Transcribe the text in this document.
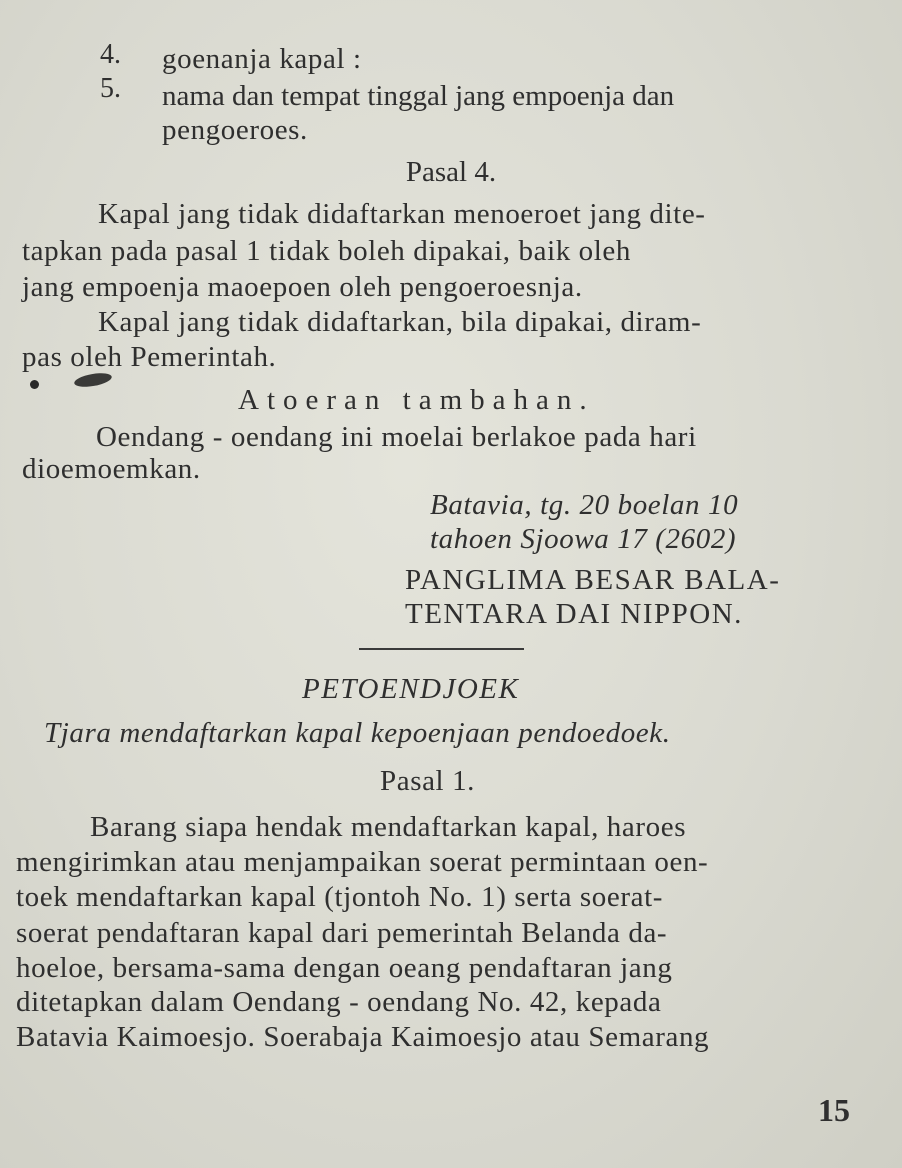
4. goenanja kapal :
5. nama dan tempat tinggal jang empoenja dan
pengoeroes.
Pasal 4.
Kapal jang tidak didaftarkan menoeroet jang dite-
tapkan pada pasal 1 tidak boleh dipakai, baik oleh
jang empoenja maoepoen oleh pengoeroesnja.
Kapal jang tidak didaftarkan, bila dipakai, diram-
pas oleh Pemerintah.
Atoeran tambahan.
Oendang - oendang ini moelai berlakoe pada hari
dioemoemkan.
Batavia, tg. 20 boelan 10
tahoen Sjoowa 17 (2602)
PANGLIMA BESAR BALA-
TENTARA DAI NIPPON.
PETOENDJOEK
Tjara mendaftarkan kapal kepoenjaan pendoedoek.
Pasal 1.
Barang siapa hendak mendaftarkan kapal, haroes
mengirimkan atau menjampaikan soerat permintaan oen-
toek mendaftarkan kapal (tjontoh No. 1) serta soerat-
soerat pendaftaran kapal dari pemerintah Belanda da-
hoeloe, bersama-sama dengan oeang pendaftaran jang
ditetapkan dalam Oendang - oendang No. 42, kepada
Batavia Kaimoesjo. Soerabaja Kaimoesjo atau Semarang
15
